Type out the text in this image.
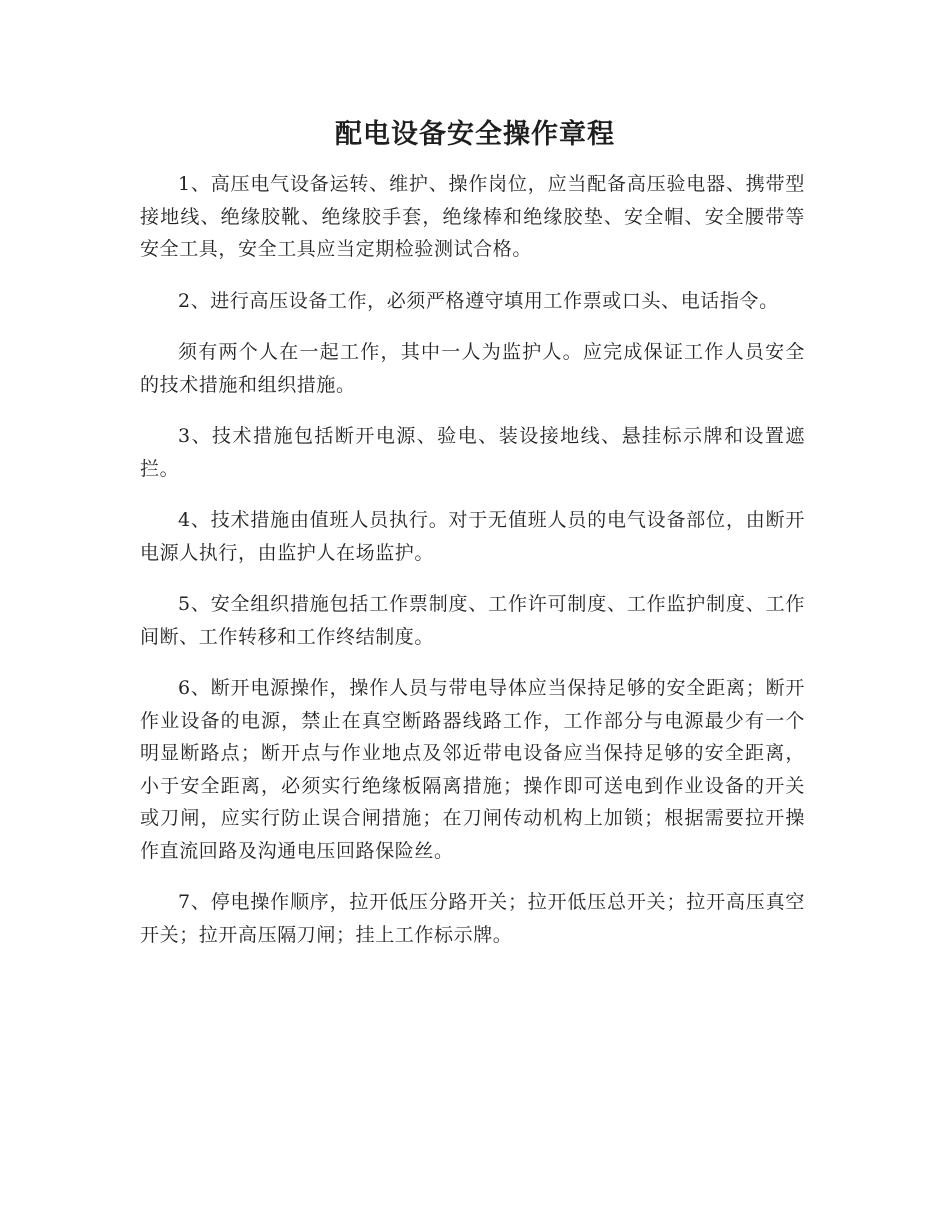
配电设备安全操作章程

1、高压电气设备运转、维护、操作岗位，应当配备高压验电器、携带型接地线、绝缘胶靴、绝缘胶手套，绝缘棒和绝缘胶垫、安全帽、安全腰带等安全工具，安全工具应当定期检验测试合格。

2、进行高压设备工作，必须严格遵守填用工作票或口头、电话指令。

须有两个人在一起工作，其中一人为监护人。应完成保证工作人员安全的技术措施和组织措施。

3、技术措施包括断开电源、验电、装设接地线、悬挂标示牌和设置遮拦。

4、技术措施由值班人员执行。对于无值班人员的电气设备部位，由断开电源人执行，由监护人在场监护。

5、安全组织措施包括工作票制度、工作许可制度、工作监护制度、工作间断、工作转移和工作终结制度。

6、断开电源操作，操作人员与带电导体应当保持足够的安全距离；断开作业设备的电源，禁止在真空断路器线路工作，工作部分与电源最少有一个明显断路点；断开点与作业地点及邻近带电设备应当保持足够的安全距离，小于安全距离，必须实行绝缘板隔离措施；操作即可送电到作业设备的开关或刀闸，应实行防止误合闸措施；在刀闸传动机构上加锁；根据需要拉开操作直流回路及沟通电压回路保险丝。

7、停电操作顺序，拉开低压分路开关；拉开低压总开关；拉开高压真空开关；拉开高压隔刀闸；挂上工作标示牌。
